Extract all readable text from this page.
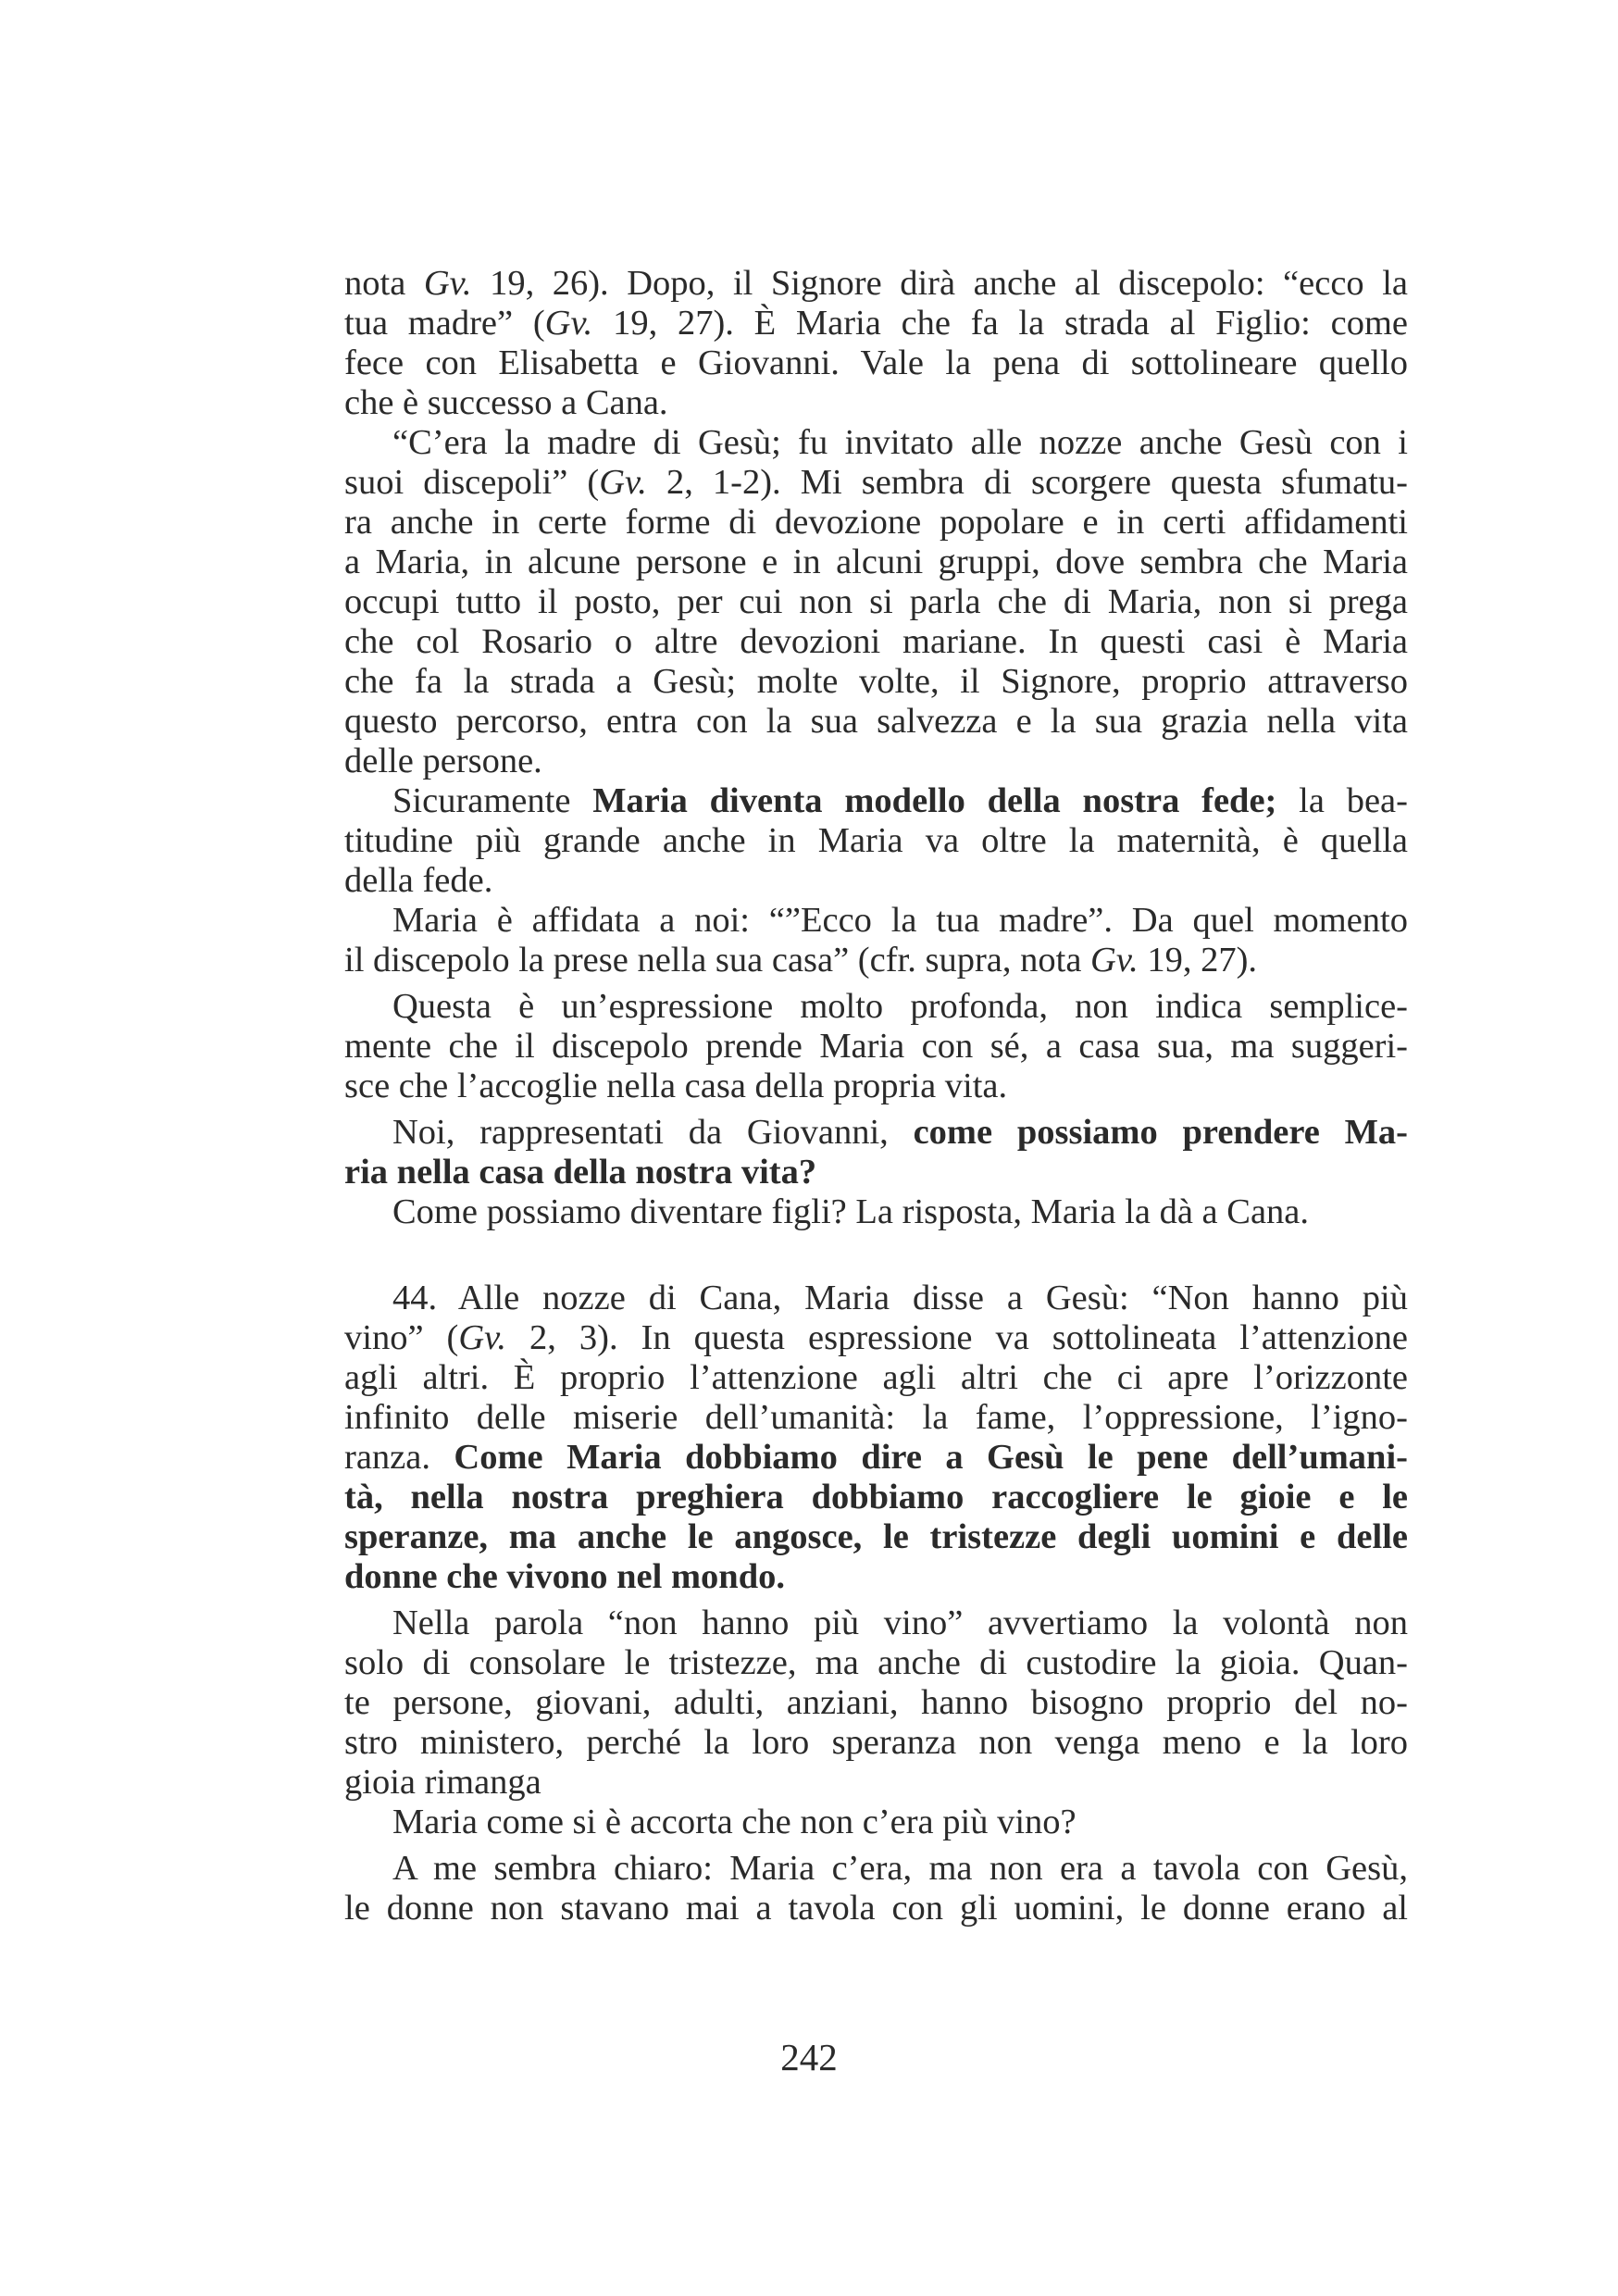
nota Gv. 19, 26). Dopo, il Signore dirà anche al discepolo: “ecco la
tua madre” (Gv. 19, 27). È Maria che fa la strada al Figlio: come
fece con Elisabetta e Giovanni. Vale la pena di sottolineare quello
che è successo a Cana.
“C’era la madre di Gesù; fu invitato alle nozze anche Gesù con i
suoi discepoli” (Gv. 2, 1-2). Mi sembra di scorgere questa sfumatu-
ra anche in certe forme di devozione popolare e in certi affidamenti
a Maria, in alcune persone e in alcuni gruppi, dove sembra che Maria
occupi tutto il posto, per cui non si parla che di Maria, non si prega
che col Rosario o altre devozioni mariane. In questi casi è Maria
che fa la strada a Gesù; molte volte, il Signore, proprio attraverso
questo percorso, entra con la sua salvezza e la sua grazia nella vita
delle persone.
Sicuramente Maria diventa modello della nostra fede; la bea-
titudine più grande anche in Maria va oltre la maternità, è quella
della fede.
Maria è affidata a noi: “”Ecco la tua madre”. Da quel momento
il discepolo la prese nella sua casa” (cfr. supra, nota Gv. 19, 27).
Questa è un’espressione molto profonda, non indica semplice-
mente che il discepolo prende Maria con sé, a casa sua, ma suggeri-
sce che l’accoglie nella casa della propria vita.
Noi, rappresentati da Giovanni, come possiamo prendere Ma-
ria nella casa della nostra vita?
Come possiamo diventare figli? La risposta, Maria la dà a Cana.
44. Alle nozze di Cana, Maria disse a Gesù: “Non hanno più
vino” (Gv. 2, 3). In questa espressione va sottolineata l’attenzione
agli altri. È proprio l’attenzione agli altri che ci apre l’orizzonte
infinito delle miserie dell’umanità: la fame, l’oppressione, l’igno-
ranza. Come Maria dobbiamo dire a Gesù le pene dell’umani-
tà, nella nostra preghiera dobbiamo raccogliere le gioie e le
speranze, ma anche le angosce, le tristezze degli uomini e delle
donne che vivono nel mondo.
Nella parola “non hanno più vino” avvertiamo la volontà non
solo di consolare le tristezze, ma anche di custodire la gioia. Quan-
te persone, giovani, adulti, anziani, hanno bisogno proprio del no-
stro ministero, perché la loro speranza non venga meno e la loro
gioia rimanga
Maria come si è accorta che non c’era più vino?
A me sembra chiaro: Maria c’era, ma non era a tavola con Gesù,
le donne non stavano mai a tavola con gli uomini, le donne erano al
242
